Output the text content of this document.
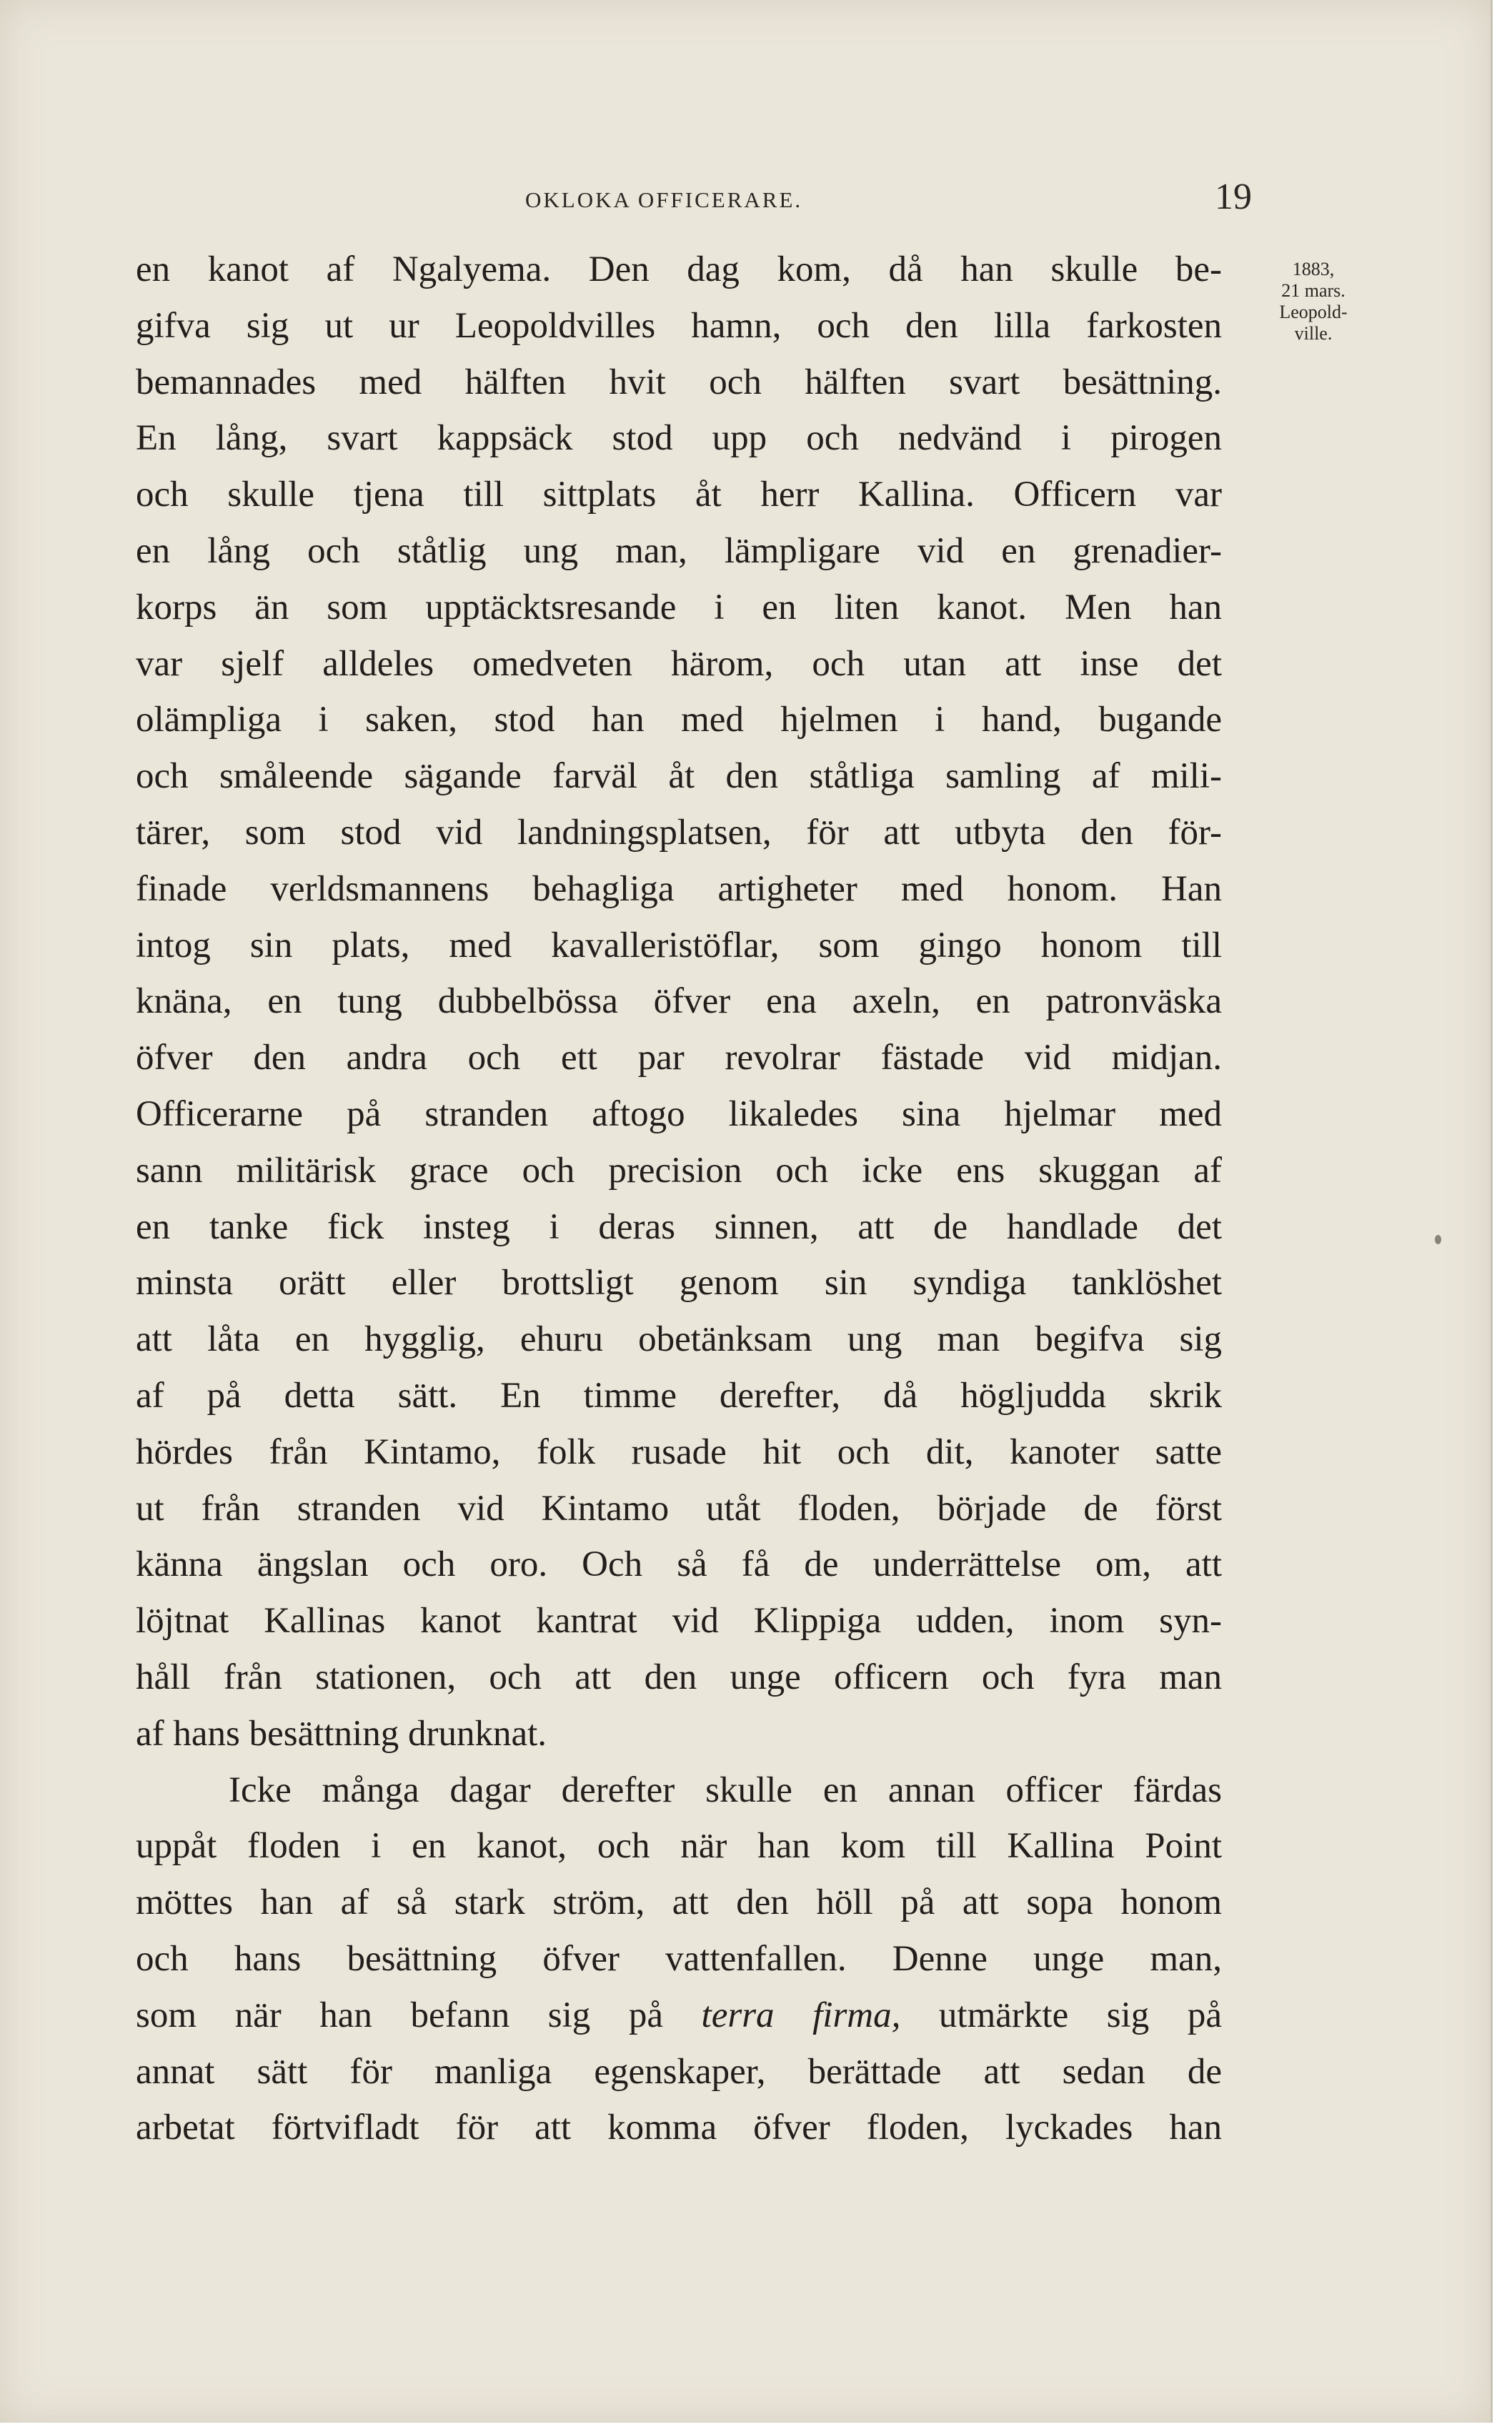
OKLOKA OFFICERARE.	19
1883,
21 mars.
Leopold-
ville.
en kanot af Ngalyema. Den dag kom, då han skulle be-
gifva sig ut ur Leopoldvilles hamn, och den lilla farkosten
bemannades med hälften hvit och hälften svart besättning.
En lång, svart kappsäck stod upp och nedvänd i pirogen
och skulle tjena till sittplats åt herr Kallina. Officern var
en lång och ståtlig ung man, lämpligare vid en grenadier-
korps än som upptäcktsresande i en liten kanot. Men han
var sjelf alldeles omedveten härom, och utan att inse det
olämpliga i saken, stod han med hjelmen i hand, bugande
och småleende sägande farväl åt den ståtliga samling af mili-
tärer, som stod vid landningsplatsen, för att utbyta den för-
finade verldsmannens behagliga artigheter med honom. Han
intog sin plats, med kavalleristöflar, som gingo honom till
knäna, en tung dubbelbössa öfver ena axeln, en patronväska
öfver den andra och ett par revolrar fästade vid midjan.
Officerarne på stranden aftogo likaledes sina hjelmar med
sann militärisk grace och precision och icke ens skuggan af
en tanke fick insteg i deras sinnen, att de handlade det
minsta orätt eller brottsligt genom sin syndiga tanklöshet
att låta en hygglig, ehuru obetänksam ung man begifva sig
af på detta sätt. En timme derefter, då högljudda skrik
hördes från Kintamo, folk rusade hit och dit, kanoter satte
ut från stranden vid Kintamo utåt floden, började de först
känna ängslan och oro. Och så få de underrättelse om, att
löjtnat Kallinas kanot kantrat vid Klippiga udden, inom syn-
håll från stationen, och att den unge officern och fyra man
af hans besättning drunknat.
Icke många dagar derefter skulle en annan officer färdas
uppåt floden i en kanot, och när han kom till Kallina Point
möttes han af så stark ström, att den höll på att sopa honom
och hans besättning öfver vattenfallen. Denne unge man,
som när han befann sig på terra firma, utmärkte sig på
annat sätt för manliga egenskaper, berättade att sedan de
arbetat förtvifladt för att komma öfver floden, lyckades han
